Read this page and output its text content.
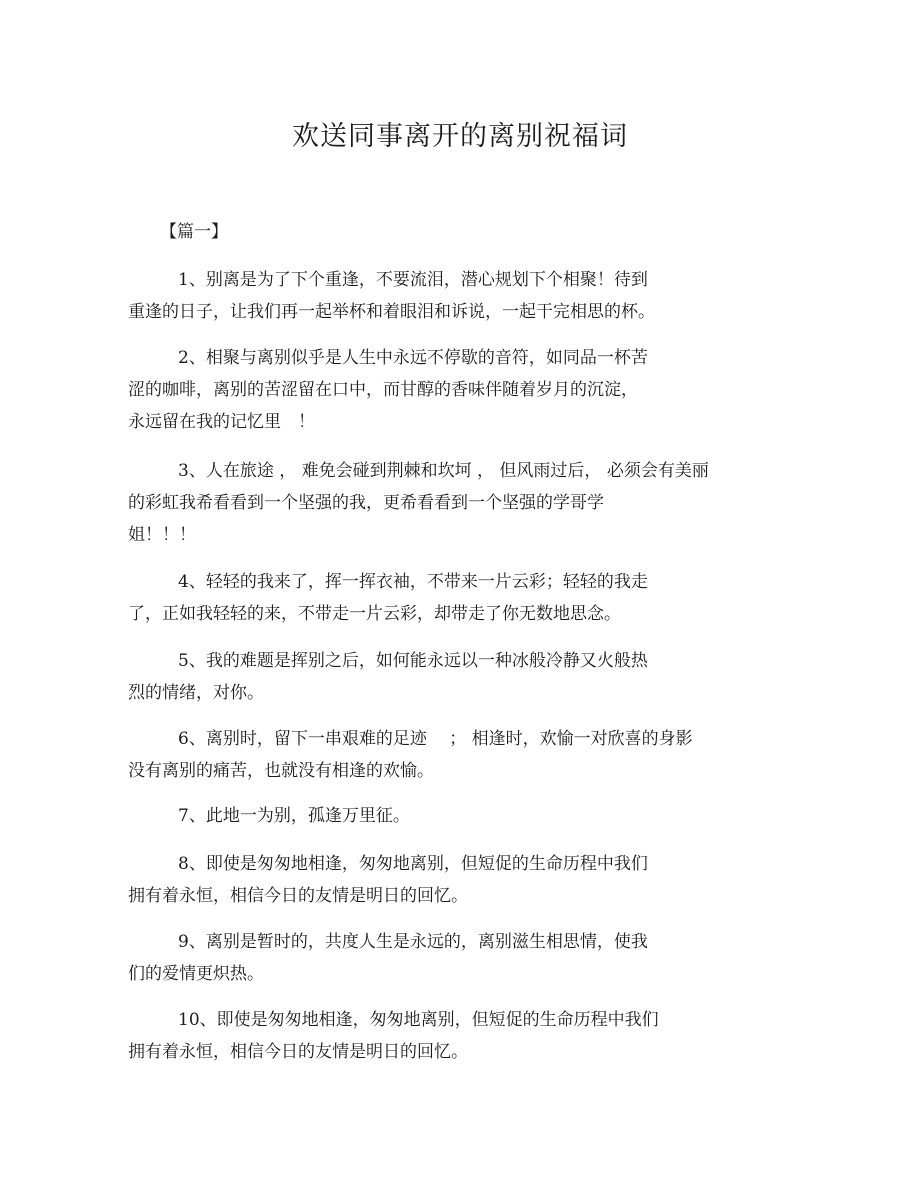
欢送同事离开的离别祝福词
【篇一】
1、别离是为了下个重逢，不要流泪，潜心规划下个相聚！待到
重逢的日子，让我们再一起举杯和着眼泪和诉说，一起干完相思的杯。
2、相聚与离别似乎是人生中永远不停歇的音符，如同品一杯苦
涩的咖啡，离别的苦涩留在口中，而甘醇的香味伴随着岁月的沉淀，
永远留在我的记忆里　！
3、人在旅途 ， 难免会碰到荆棘和坎坷 ， 但风雨过后， 必须会有美丽
的彩虹我希看看到一个坚强的我，更希看看到一个坚强的学哥学
姐！！！
4、轻轻的我来了，挥一挥衣袖，不带来一片云彩；轻轻的我走
了，正如我轻轻的来，不带走一片云彩，却带走了你无数地思念。
5、我的难题是挥别之后，如何能永远以一种冰般冷静又火般热
烈的情绪，对你。
6、离别时，留下一串艰难的足迹　 ； 相逢时，欢愉一对欣喜的身影
没有离别的痛苦，也就没有相逢的欢愉。
7、此地一为别，孤逢万里征。
8、即使是匆匆地相逢，匆匆地离别，但短促的生命历程中我们
拥有着永恒，相信今日的友情是明日的回忆。
9、离别是暂时的，共度人生是永远的，离别滋生相思情，使我
们的爱情更炽热。
10、即使是匆匆地相逢，匆匆地离别，但短促的生命历程中我们
拥有着永恒，相信今日的友情是明日的回忆。
